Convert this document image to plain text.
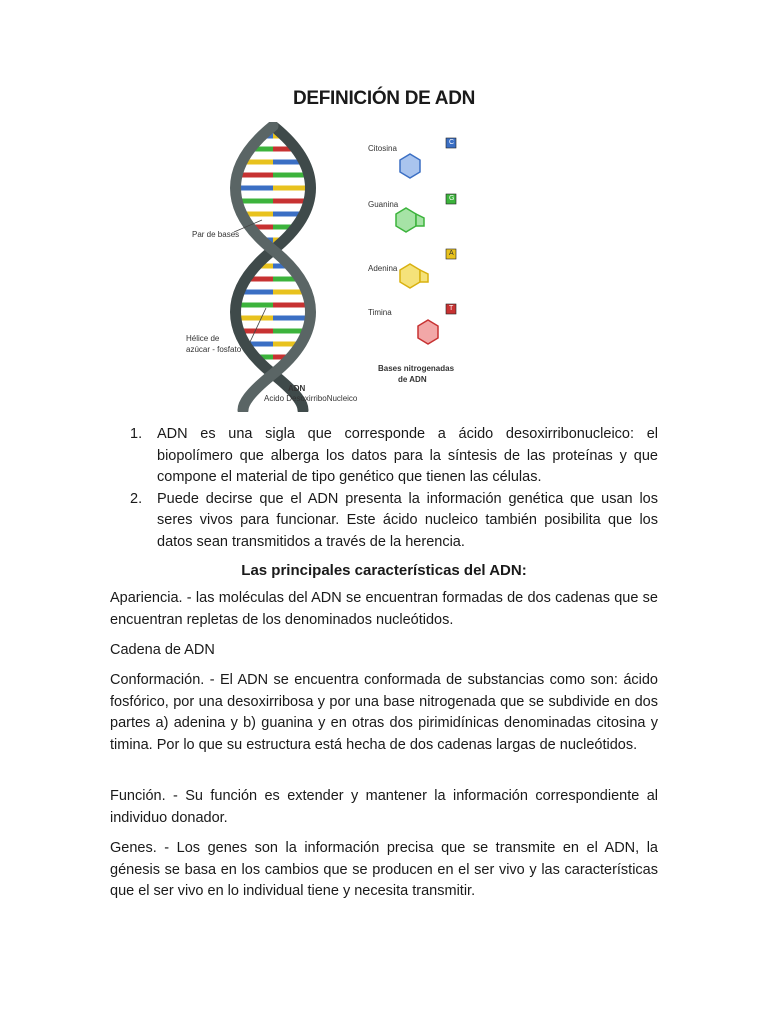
DEFINICIÓN DE ADN
Par de bases
Hélice de
azúcar - fosfato
ADN
Acido DesoxirriboNucleico
Citosina
Guanina
Adenina
Timina
C
G
A
T
Bases nitrogenadas
de ADN
1. ADN es una sigla que corresponde a ácido desoxirribonucleico: el biopolímero que alberga los datos para la síntesis de las proteínas y que compone el material de tipo genético que tienen las células.
2. Puede decirse que el ADN presenta la información genética que usan los seres vivos para funcionar. Este ácido nucleico también posibilita que los datos sean transmitidos a través de la herencia.
Las principales características del ADN:

Apariencia. - las moléculas del ADN se encuentran formadas de dos cadenas que se encuentran repletas de los denominados nucleótidos.

Cadena de ADN

Conformación. - El ADN se encuentra conformada de substancias como son: ácido fosfórico, por una desoxirribosa y por una base nitrogenada que se subdivide en dos partes a) adenina y b) guanina y en otras dos pirimidínicas denominadas citosina y timina. Por lo que su estructura está hecha de dos cadenas largas de nucleótidos.

Función. - Su función es extender y mantener la información correspondiente al individuo donador.

Genes. - Los genes son la información precisa que se transmite en el ADN, la génesis se basa en los cambios que se producen en el ser vivo y las características que el ser vivo en lo individual tiene y necesita transmitir.
